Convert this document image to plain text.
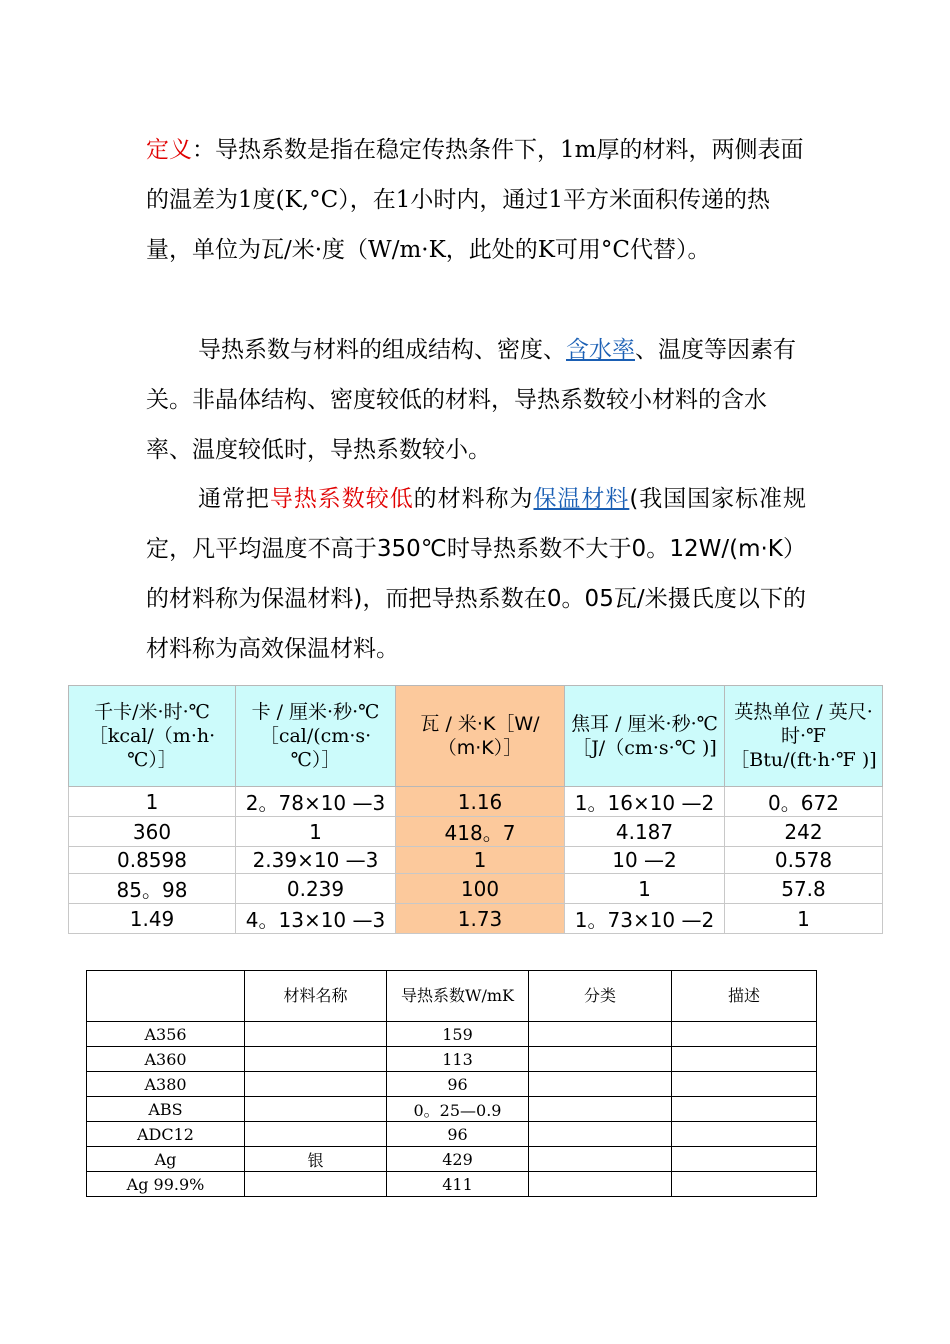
定义：导热系数是指在稳定传热条件下，1m厚的材料，两侧表面的温差为1度(K,°C），在1小时内，通过1平方米面积传递的热量，单位为瓦/米·度（W/m·K，此处的K可用°C代替）。
导热系数与材料的组成结构、密度、含水率、温度等因素有关。非晶体结构、密度较低的材料，导热系数较小材料的含水率、温度较低时，导热系数较小。
通常把导热系数较低的材料称为保温材料(我国国家标准规定，凡平均温度不高于350℃时导热系数不大于0。12W/(m·K）的材料称为保温材料)，而把导热系数在0。05瓦/米摄氏度以下的材料称为高效保温材料。
千卡/米·时·℃［kcal/（m·h· ℃）］	卡 / 厘米·秒·℃［cal/(cm·s· ℃）］	瓦 / 米·K［W/（m·K）］	焦耳 / 厘米·秒·℃［J/（cm·s·℃ )]	英热单位 / 英尺·时·℉［Btu/(ft·h·℉ )]
1	2。78×10 —3	1.16	1。16×10 —2	0。672
360	1	418。7	4.187	242
0.8598	2.39×10 —3	1	10 —2	0.578
85。98	0.239	100	1	57.8
1.49	4。13×10 —3	1.73	1。73×10 —2	1
	材料名称	导热系数W/mK	分类	描述
A356		159		
A360		113		
A380		96		
ABS		0。25—0.9		
ADC12		96		
Ag	银	429		
Ag 99.9%		411		
